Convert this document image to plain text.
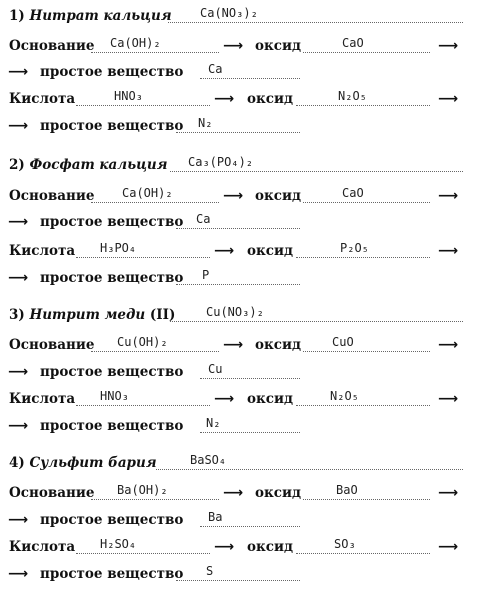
1) Нитрат кальция Ca(NO₃)₂
Основание Ca(OH)₂	⟶ оксид	CaO	⟶
⟶ простое вещество Ca
Кислота	HNO₃	⟶ оксид	N₂O₅	⟶
⟶ простое вещество N₂
2) Фосфат кальция Ca₃(PO₄)₂
Основание Ca(OH)₂	⟶ оксид	CaO	⟶
⟶ простое вещество Ca
Кислота H₃PO₄	⟶ оксид	P₂O₅	⟶
⟶ простое вещество P
3) Нитрит меди (II)	Cu(NO₃)₂
Основание Cu(OH)₂	⟶ оксид	CuO	⟶
⟶ простое вещество Cu
Кислота HNO₃	⟶ оксид	N₂O₅	⟶
⟶ простое вещество N₂
4) Сульфит бария	BaSO₄
Основание Ba(OH)₂	⟶ оксид	BaO	⟶
⟶ простое вещество Ba
Кислота H₂SO₄	⟶ оксид	SO₃	⟶
⟶ простое вещество S
